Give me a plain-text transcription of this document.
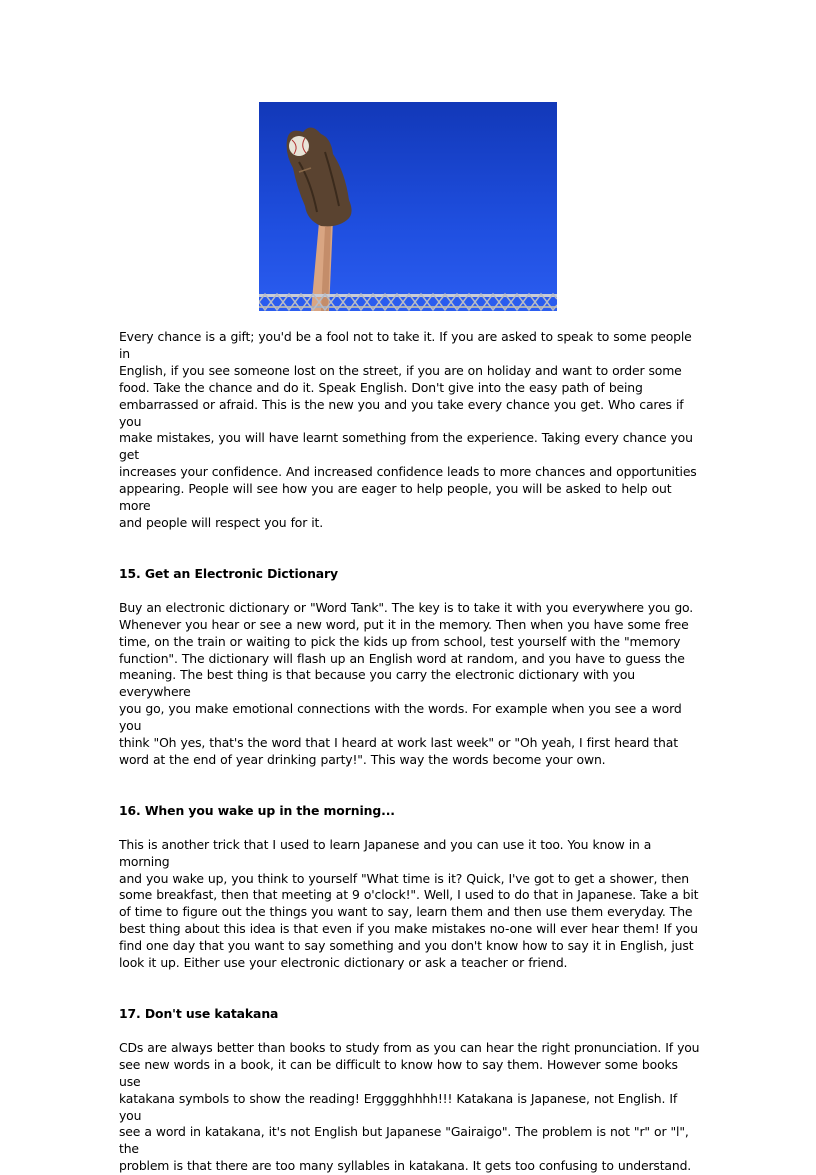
Every chance is a gift; you'd be a fool not to take it. If you are asked to speak to some people in
English, if you see someone lost on the street, if you are on holiday and want to order some
food. Take the chance and do it. Speak English. Don't give into the easy path of being
embarrassed or afraid. This is the new you and you take every chance you get. Who cares if you
make mistakes, you will have learnt something from the experience. Taking every chance you get
increases your confidence. And increased confidence leads to more chances and opportunities
appearing. People will see how you are eager to help people, you will be asked to help out more
and people will respect you for it.
15. Get an Electronic Dictionary
Buy an electronic dictionary or "Word Tank". The key is to take it with you everywhere you go.
Whenever you hear or see a new word, put it in the memory. Then when you have some free
time, on the train or waiting to pick the kids up from school, test yourself with the "memory
function". The dictionary will flash up an English word at random, and you have to guess the
meaning. The best thing is that because you carry the electronic dictionary with you everywhere
you go, you make emotional connections with the words. For example when you see a word you
think "Oh yes, that's the word that I heard at work last week" or "Oh yeah, I first heard that
word at the end of year drinking party!". This way the words become your own.
16. When you wake up in the morning...
This is another trick that I used to learn Japanese and you can use it too. You know in a morning
and you wake up, you think to yourself "What time is it? Quick, I've got to get a shower, then
some breakfast, then that meeting at 9 o'clock!". Well, I used to do that in Japanese. Take a bit
of time to figure out the things you want to say, learn them and then use them everyday. The
best thing about this idea is that even if you make mistakes no-one will ever hear them! If you
find one day that you want to say something and you don't know how to say it in English, just
look it up. Either use your electronic dictionary or ask a teacher or friend.
17. Don't use katakana
CDs are always better than books to study from as you can hear the right pronunciation. If you
see new words in a book, it can be difficult to know how to say them. However some books use
katakana symbols to show the reading! Ergggghhhh!!! Katakana is Japanese, not English. If you
see a word in katakana, it's not English but Japanese "Gairaigo". The problem is not "r" or "l", the
problem is that there are too many syllables in katakana. It gets too confusing to understand.
